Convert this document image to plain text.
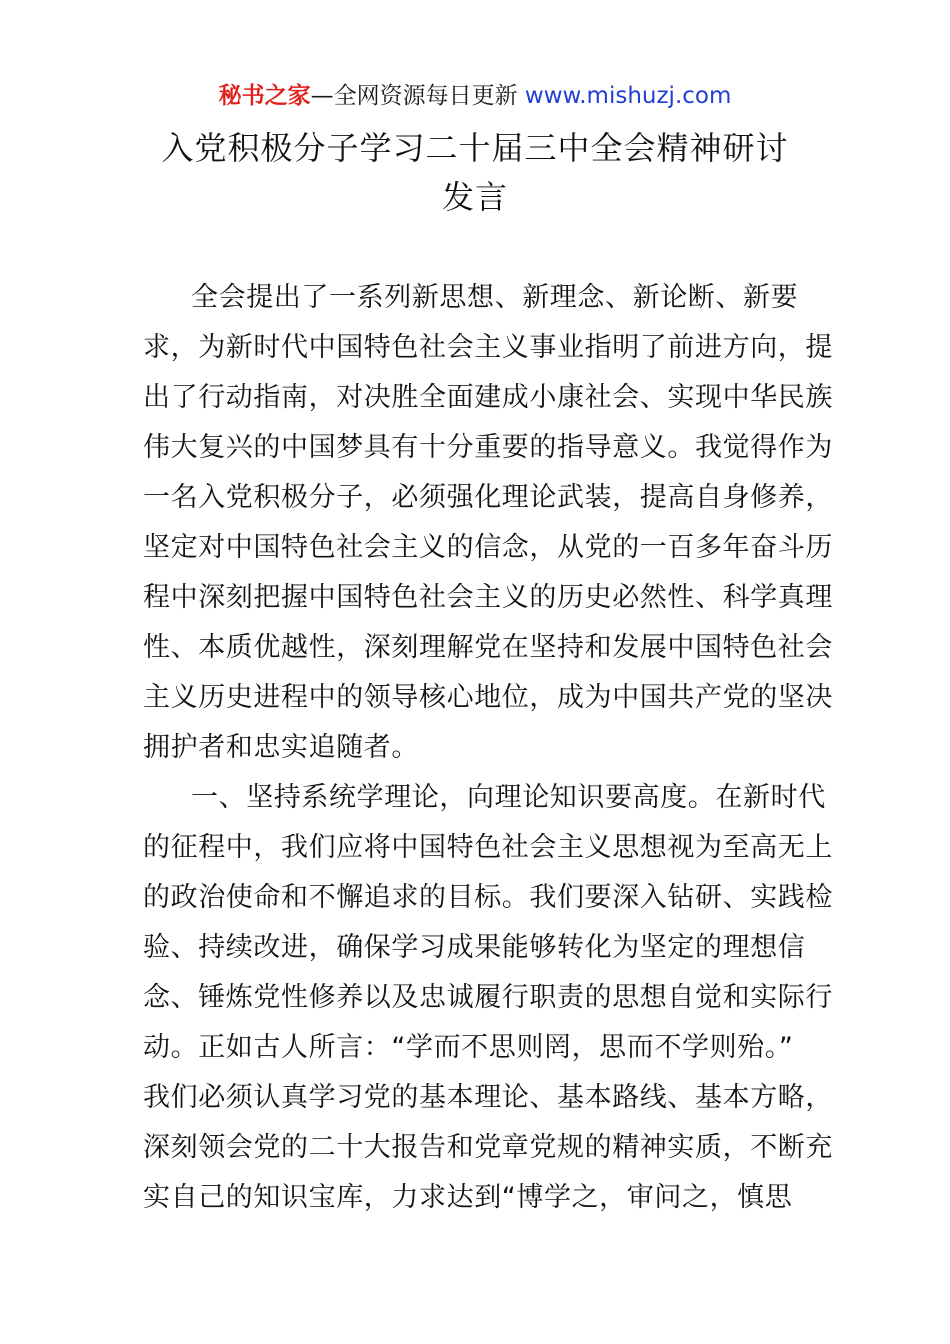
秘书之家—全网资源每日更新 www.mishuzj.com
入党积极分子学习二十届三中全会精神研讨
发言
全会提出了一系列新思想、新理念、新论断、新要
求，为新时代中国特色社会主义事业指明了前进方向，提
出了行动指南，对决胜全面建成小康社会、实现中华民族
伟大复兴的中国梦具有十分重要的指导意义。我觉得作为
一名入党积极分子，必须强化理论武装，提高自身修养，
坚定对中国特色社会主义的信念，从党的一百多年奋斗历
程中深刻把握中国特色社会主义的历史必然性、科学真理
性、本质优越性，深刻理解党在坚持和发展中国特色社会
主义历史进程中的领导核心地位，成为中国共产党的坚决
拥护者和忠实追随者。
一、坚持系统学理论，向理论知识要高度。在新时代
的征程中，我们应将中国特色社会主义思想视为至高无上
的政治使命和不懈追求的目标。我们要深入钻研、实践检
验、持续改进，确保学习成果能够转化为坚定的理想信
念、锤炼党性修养以及忠诚履行职责的思想自觉和实际行
动。正如古人所言：“学而不思则罔，思而不学则殆。”
我们必须认真学习党的基本理论、基本路线、基本方略，
深刻领会党的二十大报告和党章党规的精神实质，不断充
实自己的知识宝库，力求达到“博学之，审问之，慎思
